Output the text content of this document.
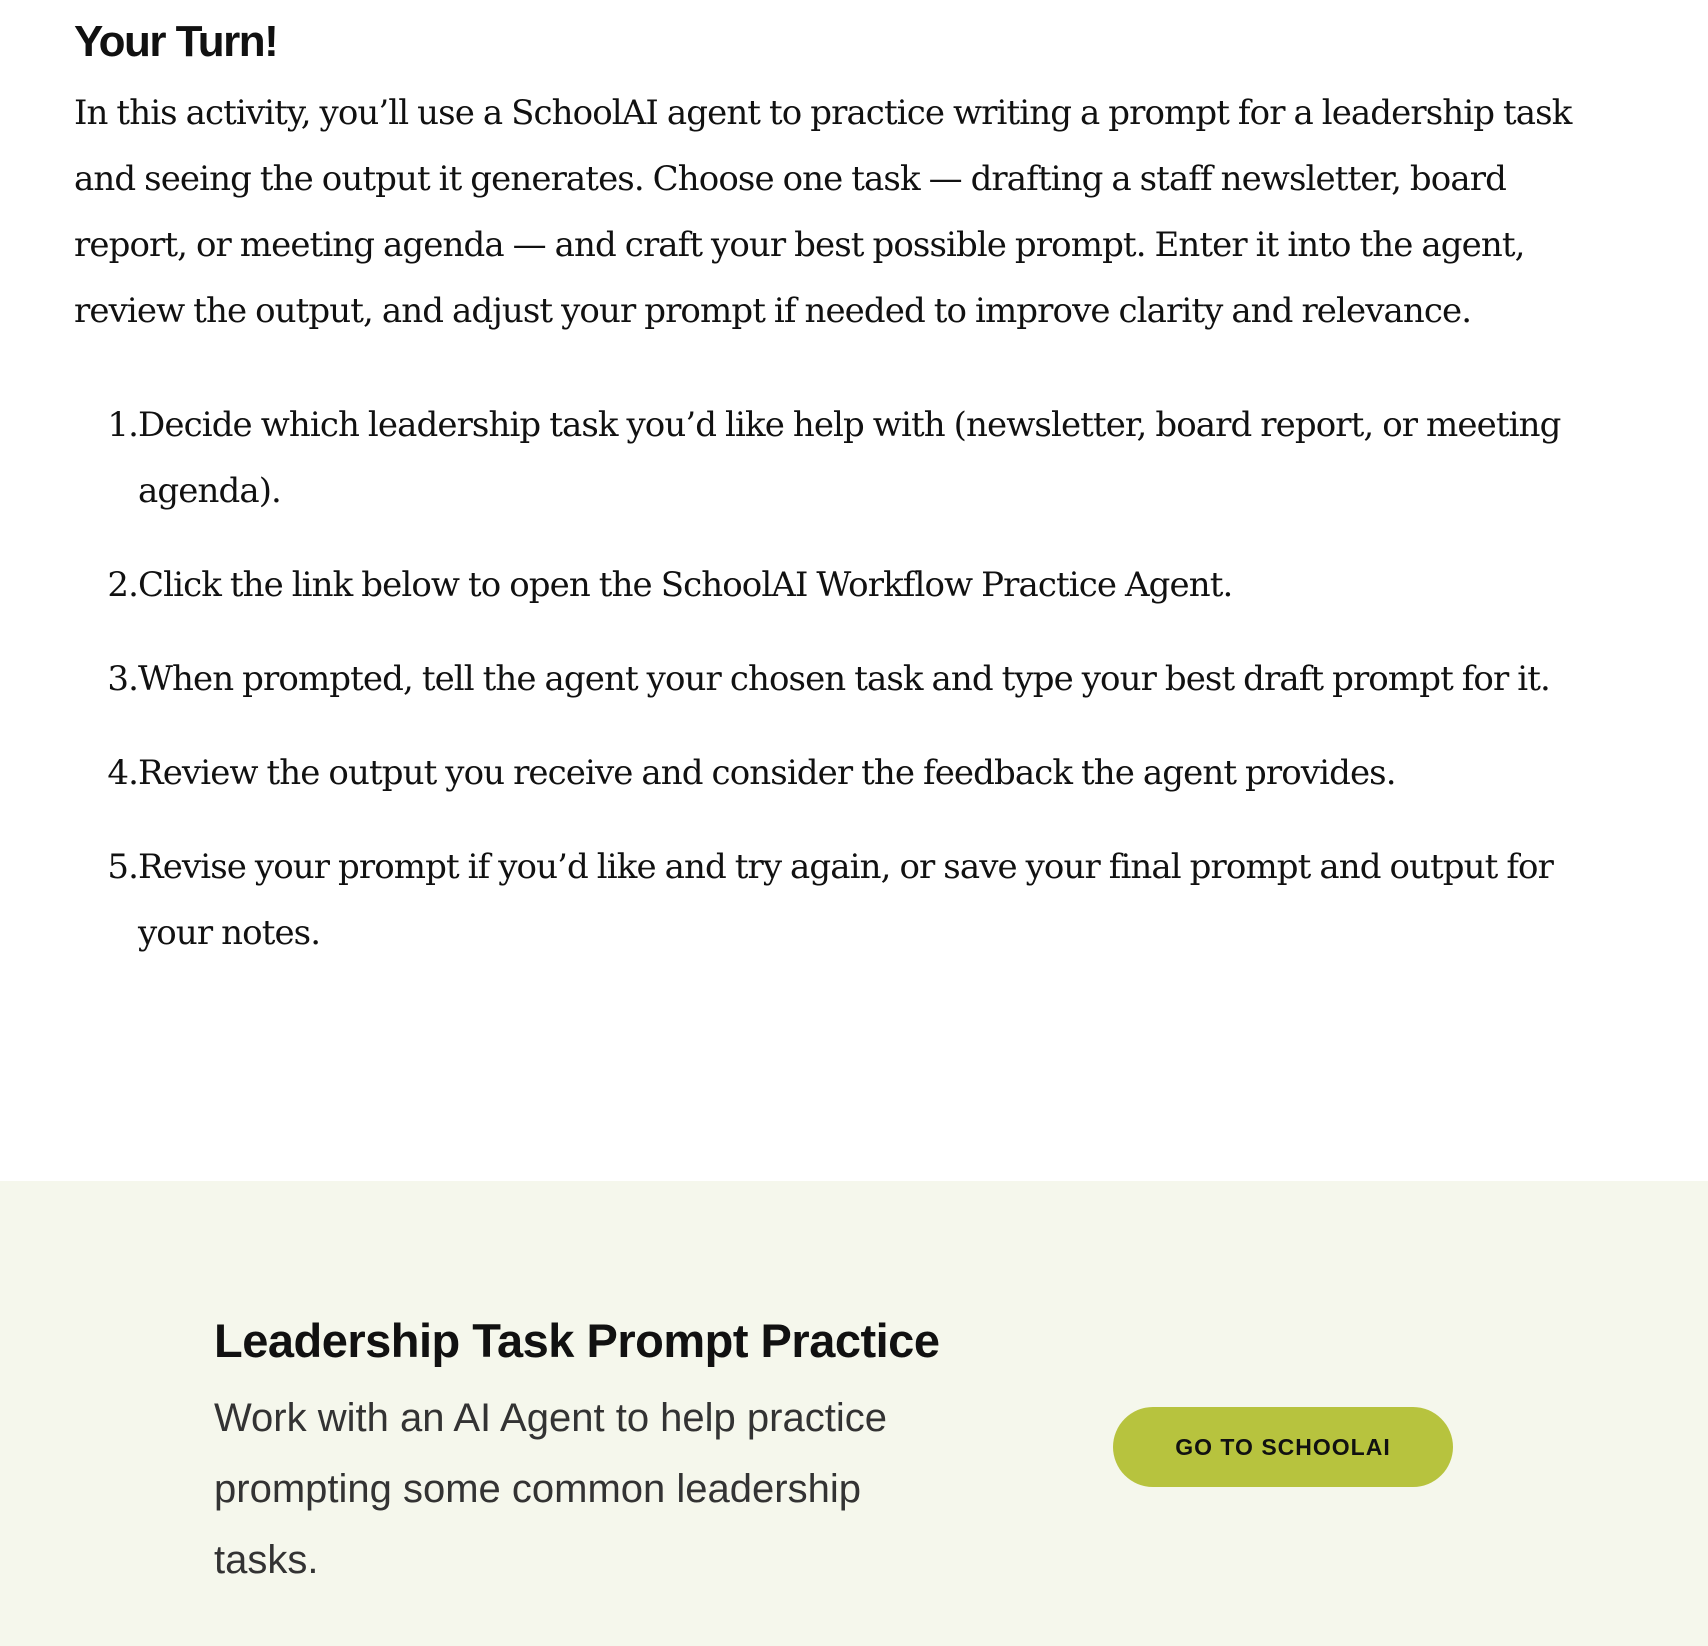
Your Turn!

In this activity, you’ll use a SchoolAI agent to practice writing a prompt for a leadership task and seeing the output it generates. Choose one task — drafting a staff newsletter, board report, or meeting agenda — and craft your best possible prompt. Enter it into the agent, review the output, and adjust your prompt if needed to improve clarity and relevance.

1. Decide which leadership task you’d like help with (newsletter, board report, or meeting agenda).
2. Click the link below to open the SchoolAI Workflow Practice Agent.
3. When prompted, tell the agent your chosen task and type your best draft prompt for it.
4. Review the output you receive and consider the feedback the agent provides.
5. Revise your prompt if you’d like and try again, or save your final prompt and output for your notes.
Leadership Task Prompt Practice

Work with an AI Agent to help practice prompting some common leadership tasks.

GO TO SCHOOLAI
